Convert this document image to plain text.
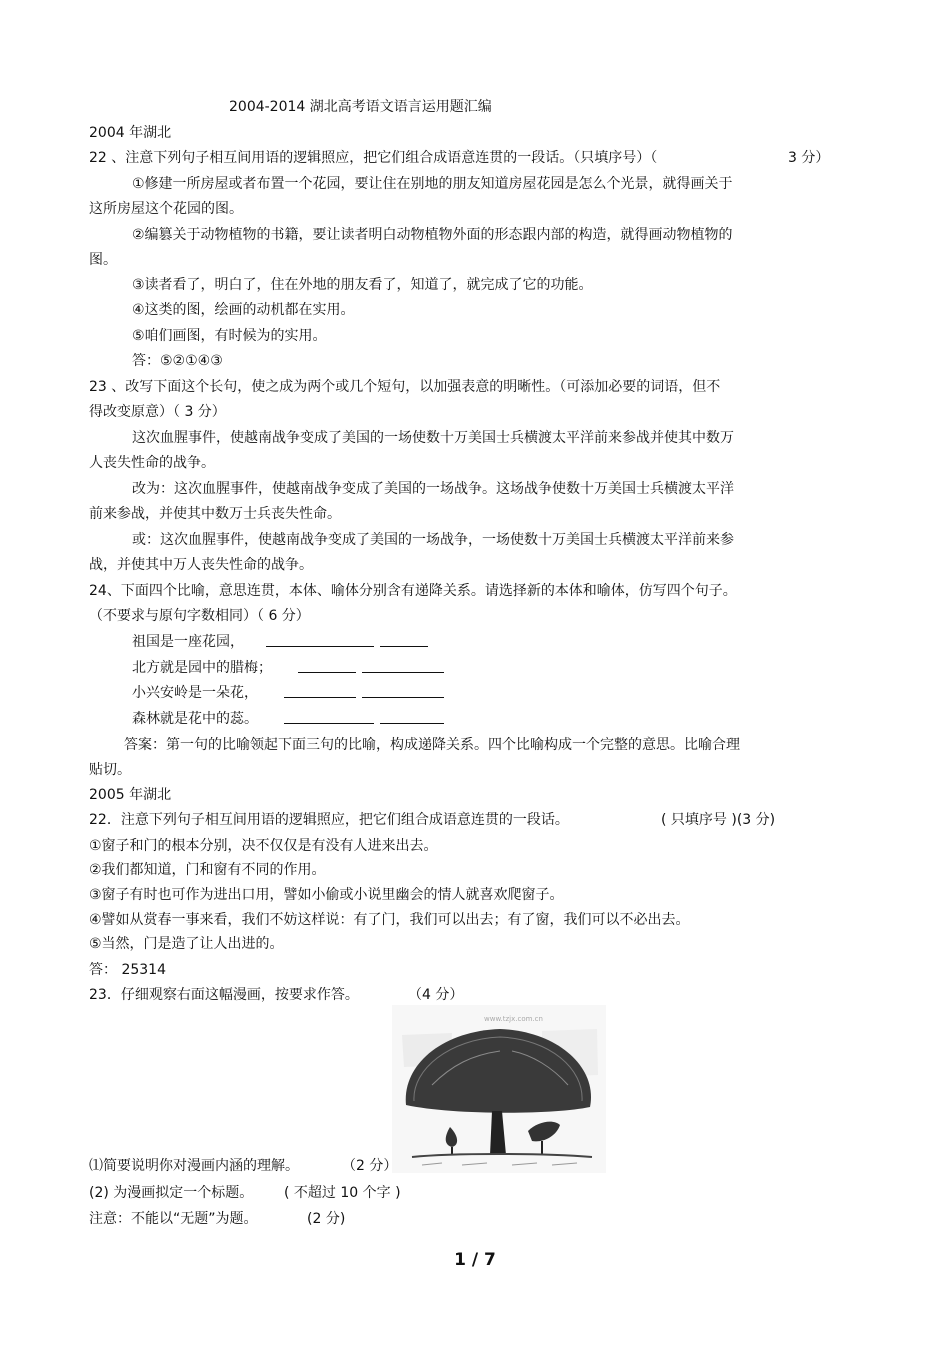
2004-2014 湖北高考语文语言运用题汇编
2004 年湖北
22 、注意下列句子相互间用语的逻辑照应，把它们组合成语意连贯的一段话。（只填序号）（	3 分）
①修建一所房屋或者布置一个花园，要让住在别地的朋友知道房屋花园是怎么个光景，就得画关于
这所房屋这个花园的图。
②编篡关于动物植物的书籍，要让读者明白动物植物外面的形态跟内部的构造，就得画动物植物的
图。
③读者看了，明白了，住在外地的朋友看了，知道了，就完成了它的功能。
④这类的图，绘画的动机都在实用。
⑤咱们画图，有时候为的实用。
答：⑤②①④③
23 、改写下面这个长句，使之成为两个或几个短句，以加强表意的明晰性。（可添加必要的词语，但不
得改变原意）（ 3 分）
这次血腥事件，使越南战争变成了美国的一场使数十万美国士兵横渡太平洋前来参战并使其中数万
人丧失性命的战争。
改为：这次血腥事件，使越南战争变成了美国的一场战争。这场战争使数十万美国士兵横渡太平洋
前来参战，并使其中数万士兵丧失性命。
或：这次血腥事件，使越南战争变成了美国的一场战争，一场使数十万美国士兵横渡太平洋前来参
战，并使其中万人丧失性命的战争。
24、下面四个比喻，意思连贯，本体、喻体分别含有递降关系。请选择新的本体和喻体，仿写四个句子。
（不要求与原句字数相同）（ 6 分）
祖国是一座花园，
北方就是园中的腊梅；
小兴安岭是一朵花，
森林就是花中的蕊。
答案：第一句的比喻领起下面三句的比喻，构成递降关系。四个比喻构成一个完整的意思。比喻合理
贴切。
2005 年湖北
22．注意下列句子相互间用语的逻辑照应，把它们组合成语意连贯的一段话。	( 只填序号 )(3 分)
①窗子和门的根本分别，决不仅仅是有没有人进来出去。
②我们都知道，门和窗有不同的作用。
③窗子有时也可作为进出口用，譬如小偷或小说里幽会的情人就喜欢爬窗子。
④譬如从赏春一事来看，我们不妨这样说：有了门，我们可以出去；有了窗，我们可以不必出去。
⑤当然，门是造了让人出进的。
答： 25314
23．仔细观察右面这幅漫画，按要求作答。	（4 分）
www.tzjx.com.cn
⑴简要说明你对漫画内涵的理解。	（2 分）
(2) 为漫画拟定一个标题。 ( 不超过 10 个字 )
注意：不能以“无题”为题。	(2 分)
1 / 7
